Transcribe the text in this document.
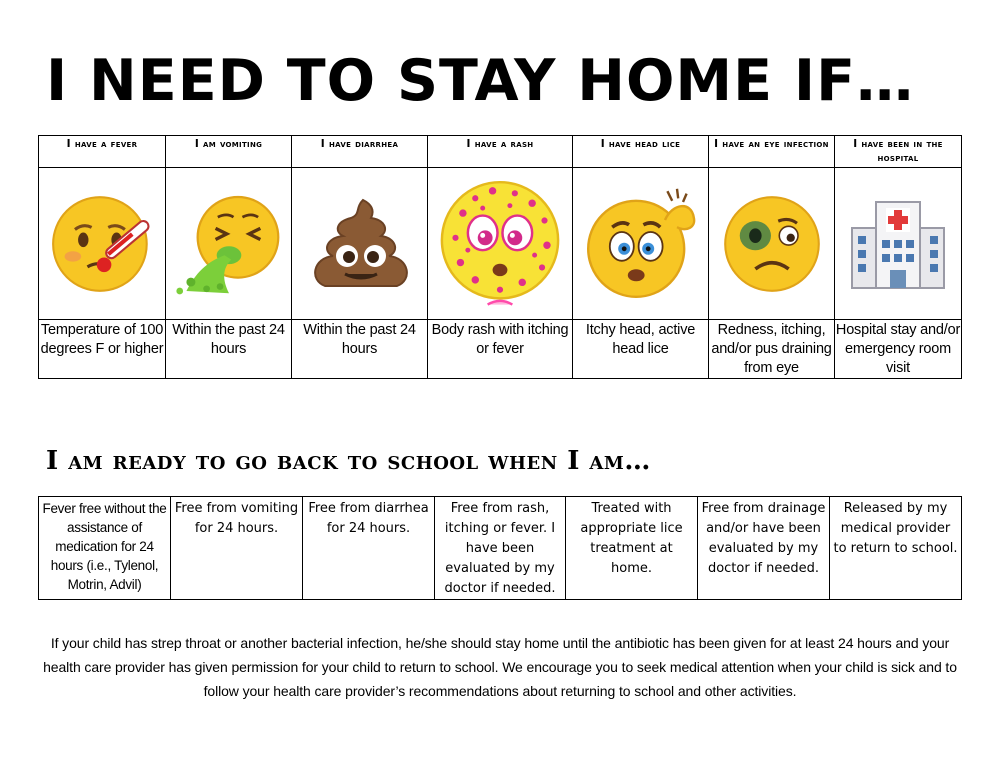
I NEED TO STAY HOME IF…
I have a fever	I am vomiting	I have diarrhea	I have a rash	I have head lice	I have an eye infection	I have been in the hospital

Temperature of 100 degrees F or higher	Within the past 24 hours	Within the past 24 hours	Body rash with itching or fever	Itchy head, active head lice	Redness, itching, and/or pus draining from eye	Hospital stay and/or emergency room visit
I am ready to go back to school when I am…
Fever free without the assistance of medication for 24 hours (i.e., Tylenol, Motrin, Advil)	Free from vomiting for 24 hours.	Free from diarrhea for 24 hours.	Free from rash, itching or fever. I have been evaluated by my doctor if needed.	Treated with appropriate lice treatment at home.	Free from drainage and/or have been evaluated by my doctor if needed.	Released by my medical provider to return to school.

If your child has strep throat or another bacterial infection, he/she should stay home until the antibiotic has been given for at least 24 hours and your health care provider has given permission for your child to return to school. We encourage you to seek medical attention when your child is sick and to follow your health care provider’s recommendations about returning to school and other activities.
